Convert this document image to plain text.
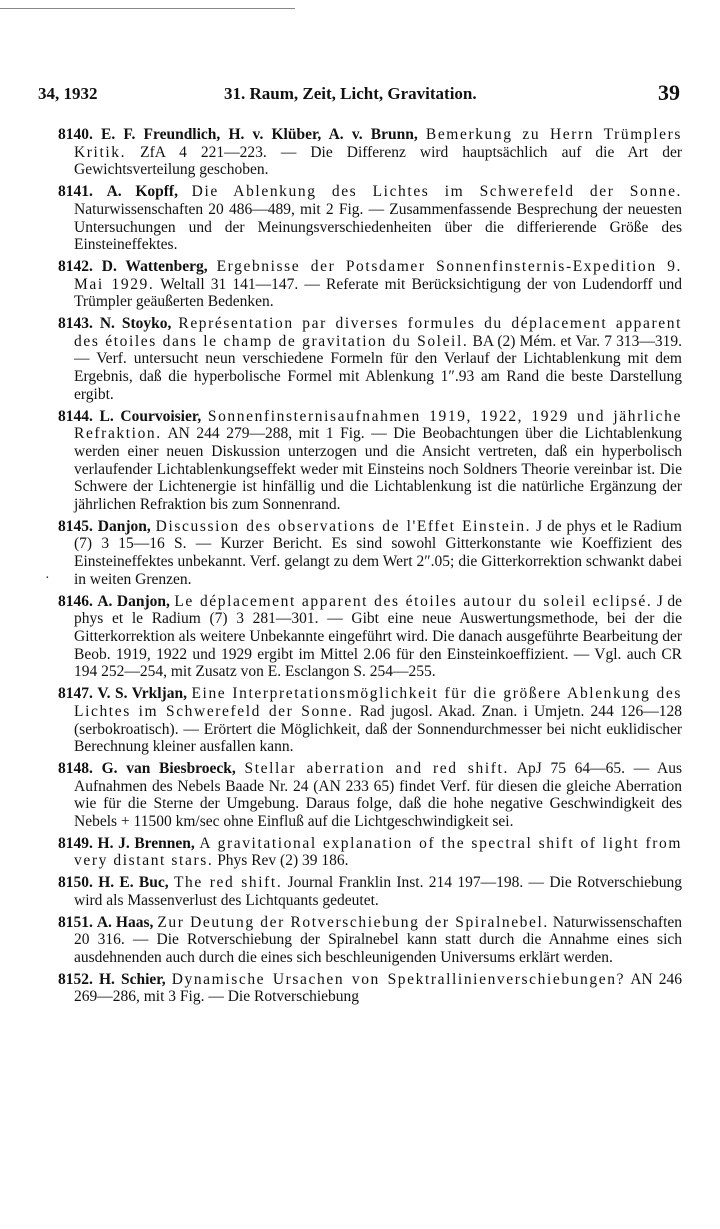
34, 1932	31. Raum, Zeit, Licht, Gravitation.	39
·
8140. E. F. Freundlich, H. v. Klüber, A. v. Brunn, Bemerkung zu Herrn Trümplers Kritik. ZfA 4 221—223. — Die Differenz wird hauptsächlich auf die Art der Gewichtsverteilung geschoben.
8141. A. Kopff, Die Ablenkung des Lichtes im Schwerefeld der Sonne. Naturwissenschaften 20 486—489, mit 2 Fig. — Zusammenfassende Besprechung der neuesten Untersuchungen und der Meinungsverschiedenheiten über die differierende Größe des Einsteineffektes.
8142. D. Wattenberg, Ergebnisse der Potsdamer Sonnenfinsternis-Expedition 9. Mai 1929. Weltall 31 141—147. — Referate mit Berücksichtigung der von Ludendorff und Trümpler geäußerten Bedenken.
8143. N. Stoyko, Représentation par diverses formules du déplacement apparent des étoiles dans le champ de gravitation du Soleil. BA (2) Mém. et Var. 7 313—319. — Verf. untersucht neun verschiedene Formeln für den Verlauf der Lichtablenkung mit dem Ergebnis, daß die hyperbolische Formel mit Ablenkung 1″.93 am Rand die beste Darstellung ergibt.
8144. L. Courvoisier, Sonnenfinsternisaufnahmen 1919, 1922, 1929 und jährliche Refraktion. AN 244 279—288, mit 1 Fig. — Die Beobachtungen über die Lichtablenkung werden einer neuen Diskussion unterzogen und die Ansicht vertreten, daß ein hyperbolisch verlaufender Lichtablenkungseffekt weder mit Einsteins noch Soldners Theorie vereinbar ist. Die Schwere der Lichtenergie ist hinfällig und die Lichtablenkung ist die natürliche Ergänzung der jährlichen Refraktion bis zum Sonnenrand.
8145. Danjon, Discussion des observations de l'Effet Einstein. J de phys et le Radium (7) 3 15—16 S. — Kurzer Bericht. Es sind sowohl Gitterkonstante wie Koeffizient des Einsteineffektes unbekannt. Verf. gelangt zu dem Wert 2″.05; die Gitterkorrektion schwankt dabei in weiten Grenzen.
8146. A. Danjon, Le déplacement apparent des étoiles autour du soleil eclipsé. J de phys et le Radium (7) 3 281—301. — Gibt eine neue Auswertungsmethode, bei der die Gitterkorrektion als weitere Unbekannte eingeführt wird. Die danach ausgeführte Bearbeitung der Beob. 1919, 1922 und 1929 ergibt im Mittel 2.06 für den Einsteinkoeffizient. — Vgl. auch CR 194 252—254, mit Zusatz von E. Esclangon S. 254—255.
8147. V. S. Vrkljan, Eine Interpretationsmöglichkeit für die größere Ablenkung des Lichtes im Schwerefeld der Sonne. Rad jugosl. Akad. Znan. i Umjetn. 244 126—128 (serbokroatisch). — Erörtert die Möglichkeit, daß der Sonnendurchmesser bei nicht euklidischer Berechnung kleiner ausfallen kann.
8148. G. van Biesbroeck, Stellar aberration and red shift. ApJ 75 64—65. — Aus Aufnahmen des Nebels Baade Nr. 24 (AN 233 65) findet Verf. für diesen die gleiche Aberration wie für die Sterne der Umgebung. Daraus folge, daß die hohe negative Geschwindigkeit des Nebels + 11500 km/sec ohne Einfluß auf die Lichtgeschwindigkeit sei.
8149. H. J. Brennen, A gravitational explanation of the spectral shift of light from very distant stars. Phys Rev (2) 39 186.
8150. H. E. Buc, The red shift. Journal Franklin Inst. 214 197—198. — Die Rotverschiebung wird als Massenverlust des Lichtquants gedeutet.
8151. A. Haas, Zur Deutung der Rotverschiebung der Spiralnebel. Naturwissenschaften 20 316. — Die Rotverschiebung der Spiralnebel kann statt durch die Annahme eines sich ausdehnenden auch durch die eines sich beschleunigenden Universums erklärt werden.
8152. H. Schier, Dynamische Ursachen von Spektrallinienverschiebungen? AN 246 269—286, mit 3 Fig. — Die Rotverschiebung
